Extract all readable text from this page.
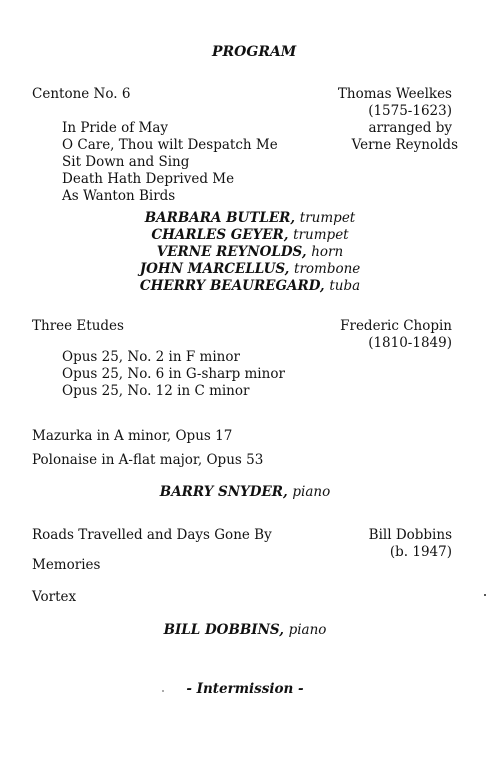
PROGRAM
Centone No. 6	Thomas Weelkes
(1575-1623)
arranged by
Verne Reynolds
In Pride of May
O Care, Thou wilt Despatch Me
Sit Down and Sing
Death Hath Deprived Me
As Wanton Birds
BARBARA BUTLER, trumpet
CHARLES GEYER, trumpet
VERNE REYNOLDS, horn
JOHN MARCELLUS, trombone
CHERRY BEAUREGARD, tuba
Three Etudes	Frederic Chopin
(1810-1849)
Opus 25, No. 2 in F minor
Opus 25, No. 6 in G-sharp minor
Opus 25, No. 12 in C minor
Mazurka in A minor, Opus 17
Polonaise in A-flat major, Opus 53
BARRY SNYDER, piano
Roads Travelled and Days Gone By	Bill Dobbins
(b. 1947)
Memories
Vortex
BILL DOBBINS, piano
- Intermission -
